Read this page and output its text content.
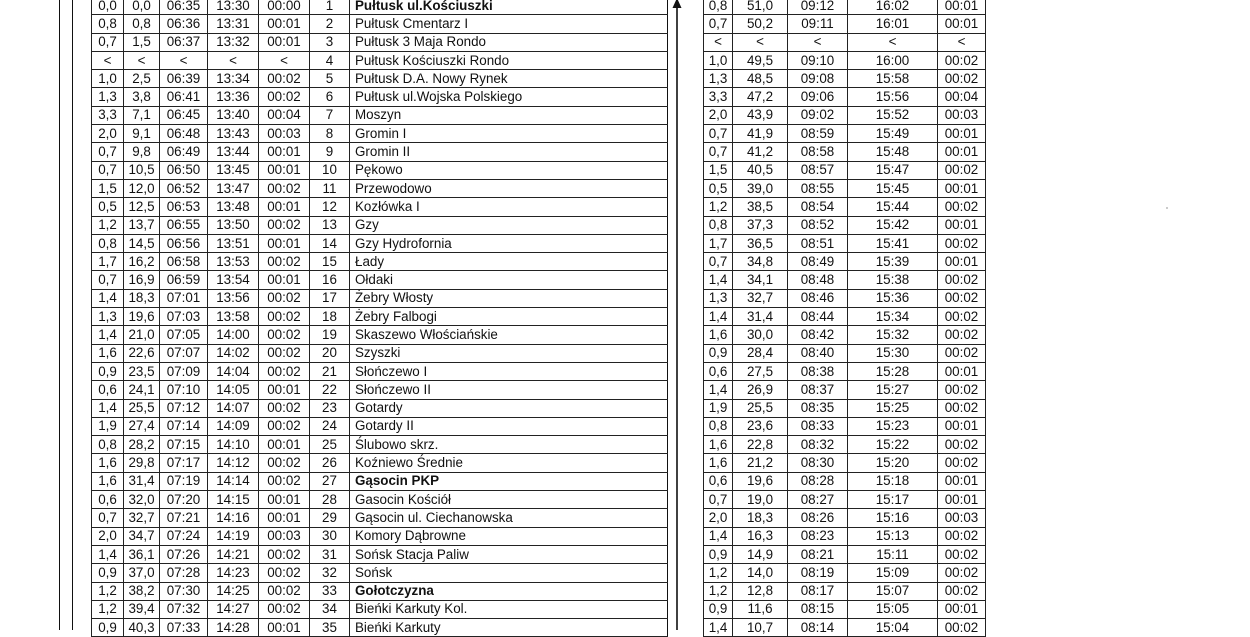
0,0	0,0	06:35	13:30	00:00	1	Pułtusk ul.Kościuszki
0,8	0,8	06:36	13:31	00:01	2	Pułtusk Cmentarz I
0,7	1,5	06:37	13:32	00:01	3	Pułtusk 3 Maja Rondo
<	<	<	<	<	4	Pułtusk Kościuszki Rondo
1,0	2,5	06:39	13:34	00:02	5	Pułtusk D.A. Nowy Rynek
1,3	3,8	06:41	13:36	00:02	6	Pułtusk ul.Wojska Polskiego
3,3	7,1	06:45	13:40	00:04	7	Moszyn
2,0	9,1	06:48	13:43	00:03	8	Gromin I
0,7	9,8	06:49	13:44	00:01	9	Gromin II
0,7	10,5	06:50	13:45	00:01	10	Pękowo
1,5	12,0	06:52	13:47	00:02	11	Przewodowo
0,5	12,5	06:53	13:48	00:01	12	Kozłówka I
1,2	13,7	06:55	13:50	00:02	13	Gzy
0,8	14,5	06:56	13:51	00:01	14	Gzy Hydrofornia
1,7	16,2	06:58	13:53	00:02	15	Łady
0,7	16,9	06:59	13:54	00:01	16	Ołdaki
1,4	18,3	07:01	13:56	00:02	17	Żebry Włosty
1,3	19,6	07:03	13:58	00:02	18	Żebry Falbogi
1,4	21,0	07:05	14:00	00:02	19	Skaszewo Włościańskie
1,6	22,6	07:07	14:02	00:02	20	Szyszki
0,9	23,5	07:09	14:04	00:02	21	Słończewo I
0,6	24,1	07:10	14:05	00:01	22	Słończewo II
1,4	25,5	07:12	14:07	00:02	23	Gotardy
1,9	27,4	07:14	14:09	00:02	24	Gotardy II
0,8	28,2	07:15	14:10	00:01	25	Ślubowo skrz.
1,6	29,8	07:17	14:12	00:02	26	Koźniewo Średnie
1,6	31,4	07:19	14:14	00:02	27	Gąsocin PKP
0,6	32,0	07:20	14:15	00:01	28	Gasocin Kościół
0,7	32,7	07:21	14:16	00:01	29	Gąsocin ul. Ciechanowska
2,0	34,7	07:24	14:19	00:03	30	Komory Dąbrowne
1,4	36,1	07:26	14:21	00:02	31	Sońsk Stacja Paliw
0,9	37,0	07:28	14:23	00:02	32	Sońsk
1,2	38,2	07:30	14:25	00:02	33	Gołotczyzna
1,2	39,4	07:32	14:27	00:02	34	Bieńki Karkuty Kol.
0,9	40,3	07:33	14:28	00:01	35	Bieńki Karkuty
0,8	51,0	09:12	16:02	00:01
0,7	50,2	09:11	16:01	00:01
<	<	<	<	<
1,0	49,5	09:10	16:00	00:02
1,3	48,5	09:08	15:58	00:02
3,3	47,2	09:06	15:56	00:04
2,0	43,9	09:02	15:52	00:03
0,7	41,9	08:59	15:49	00:01
0,7	41,2	08:58	15:48	00:01
1,5	40,5	08:57	15:47	00:02
0,5	39,0	08:55	15:45	00:01
1,2	38,5	08:54	15:44	00:02
0,8	37,3	08:52	15:42	00:01
1,7	36,5	08:51	15:41	00:02
0,7	34,8	08:49	15:39	00:01
1,4	34,1	08:48	15:38	00:02
1,3	32,7	08:46	15:36	00:02
1,4	31,4	08:44	15:34	00:02
1,6	30,0	08:42	15:32	00:02
0,9	28,4	08:40	15:30	00:02
0,6	27,5	08:38	15:28	00:01
1,4	26,9	08:37	15:27	00:02
1,9	25,5	08:35	15:25	00:02
0,8	23,6	08:33	15:23	00:01
1,6	22,8	08:32	15:22	00:02
1,6	21,2	08:30	15:20	00:02
0,6	19,6	08:28	15:18	00:01
0,7	19,0	08:27	15:17	00:01
2,0	18,3	08:26	15:16	00:03
1,4	16,3	08:23	15:13	00:02
0,9	14,9	08:21	15:11	00:02
1,2	14,0	08:19	15:09	00:02
1,2	12,8	08:17	15:07	00:02
0,9	11,6	08:15	15:05	00:01
1,4	10,7	08:14	15:04	00:02
